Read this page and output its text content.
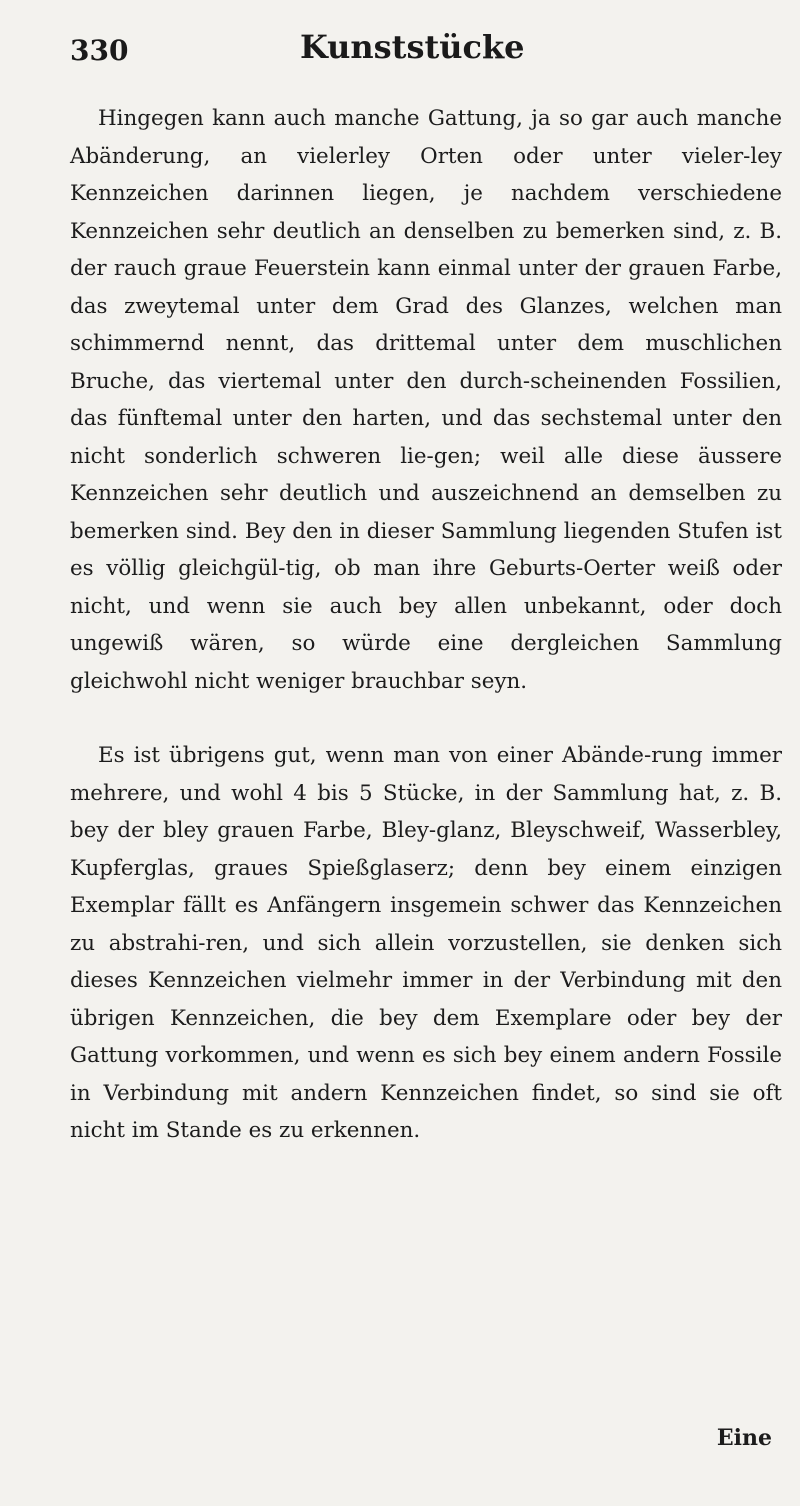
330	Kunststücke

Hingegen kann auch manche Gattung, ja so gar auch manche Abänderung, an vielerley Orten oder unter vieler-ley Kennzeichen darinnen liegen, je nachdem verschiedene Kennzeichen sehr deutlich an denselben zu bemerken sind, z. B. der rauch graue Feuerstein kann einmal unter der grauen Farbe, das zweytemal unter dem Grad des Glanzes, welchen man schimmernd nennt, das drittemal unter dem muschlichen Bruche, das viertemal unter den durch-scheinenden Fossilien, das fünftemal unter den harten, und das sechstemal unter den nicht sonderlich schweren lie-gen; weil alle diese äussere Kennzeichen sehr deutlich und auszeichnend an demselben zu bemerken sind. Bey den in dieser Sammlung liegenden Stufen ist es völlig gleichgül-tig, ob man ihre Geburts-Oerter weiß oder nicht, und wenn sie auch bey allen unbekannt, oder doch ungewiß wären, so würde eine dergleichen Sammlung gleichwohl nicht weniger brauchbar seyn.

Es ist übrigens gut, wenn man von einer Abände-rung immer mehrere, und wohl 4 bis 5 Stücke, in der Sammlung hat, z. B. bey der bley grauen Farbe, Bley-glanz, Bleyschweif, Wasserbley, Kupferglas, graues Spießglaserz; denn bey einem einzigen Exemplar fällt es Anfängern insgemein schwer das Kennzeichen zu abstrahi-ren, und sich allein vorzustellen, sie denken sich dieses Kennzeichen vielmehr immer in der Verbindung mit den übrigen Kennzeichen, die bey dem Exemplare oder bey der Gattung vorkommen, und wenn es sich bey einem andern Fossile in Verbindung mit andern Kennzeichen findet, so sind sie oft nicht im Stande es zu erkennen.

Eine
